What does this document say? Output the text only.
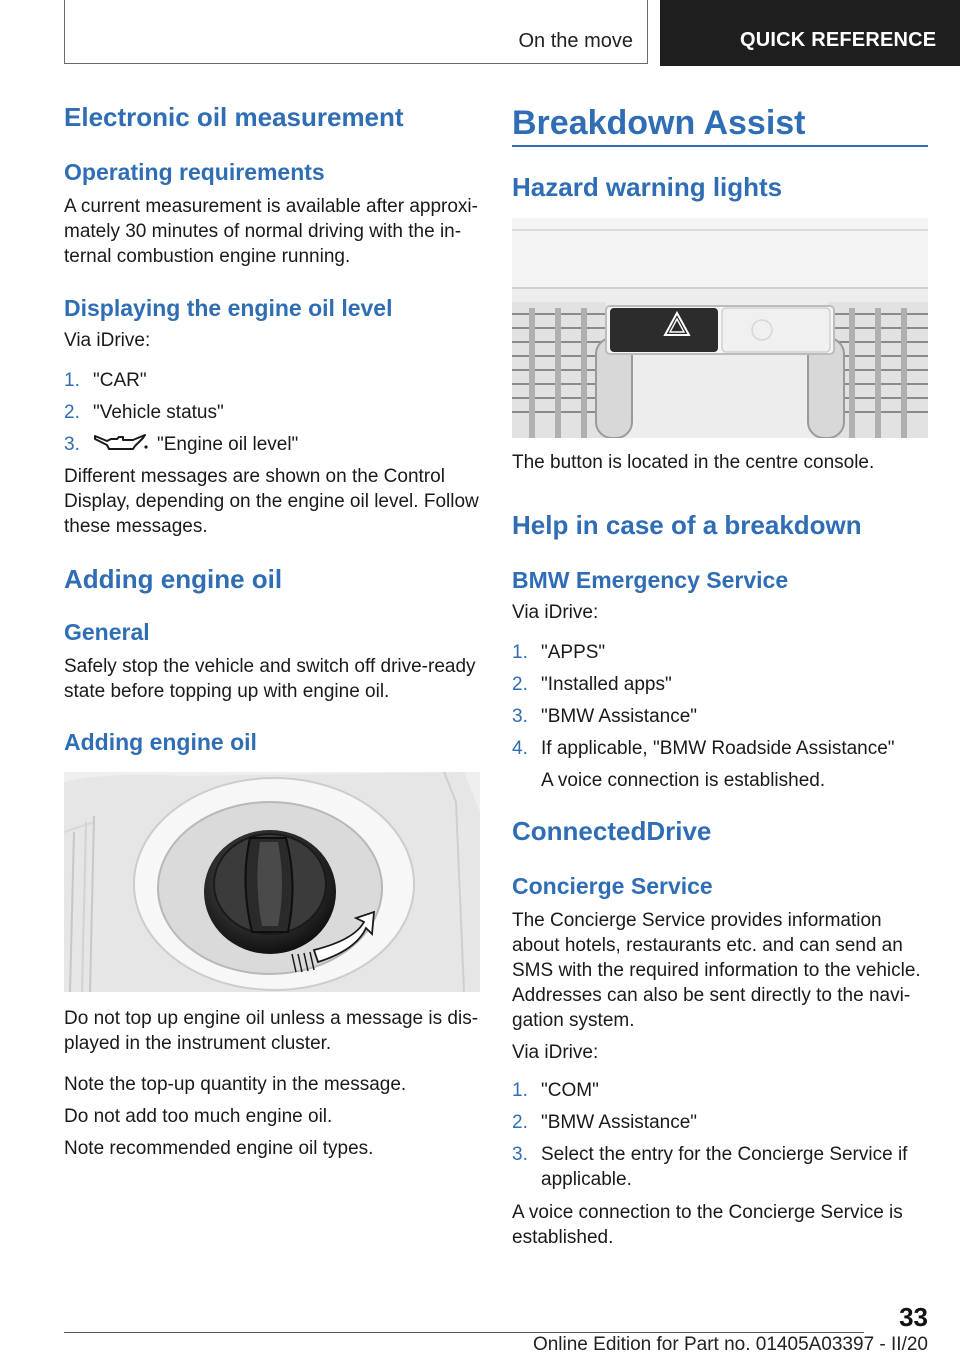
On the move	QUICK REFERENCE
Electronic oil measurement
Operating requirements
A current measurement is available after approximately 30 minutes of normal driving with the internal combustion engine running.
Displaying the engine oil level
Via iDrive:
1. "CAR"
2. "Vehicle status"
3.	"Engine oil level"
Different messages are shown on the Control Display, depending on the engine oil level. Follow these messages.
Adding engine oil
General
Safely stop the vehicle and switch off drive-ready state before topping up with engine oil.
Adding engine oil
Do not top up engine oil unless a message is displayed in the instrument cluster.
Note the top-up quantity in the message.
Do not add too much engine oil.
Note recommended engine oil types.
Breakdown Assist
Hazard warning lights
The button is located in the centre console.
Help in case of a breakdown
BMW Emergency Service
Via iDrive:
1. "APPS"
2. "Installed apps"
3. "BMW Assistance"
4. If applicable, "BMW Roadside Assistance"
A voice connection is established.
ConnectedDrive
Concierge Service
The Concierge Service provides information about hotels, restaurants etc. and can send an SMS with the required information to the vehicle. Addresses can also be sent directly to the navigation system.
Via iDrive:
1. "COM"
2. "BMW Assistance"
3. Select the entry for the Concierge Service if applicable.
A voice connection to the Concierge Service is established.
33
Online Edition for Part no. 01405A03397 - II/20
